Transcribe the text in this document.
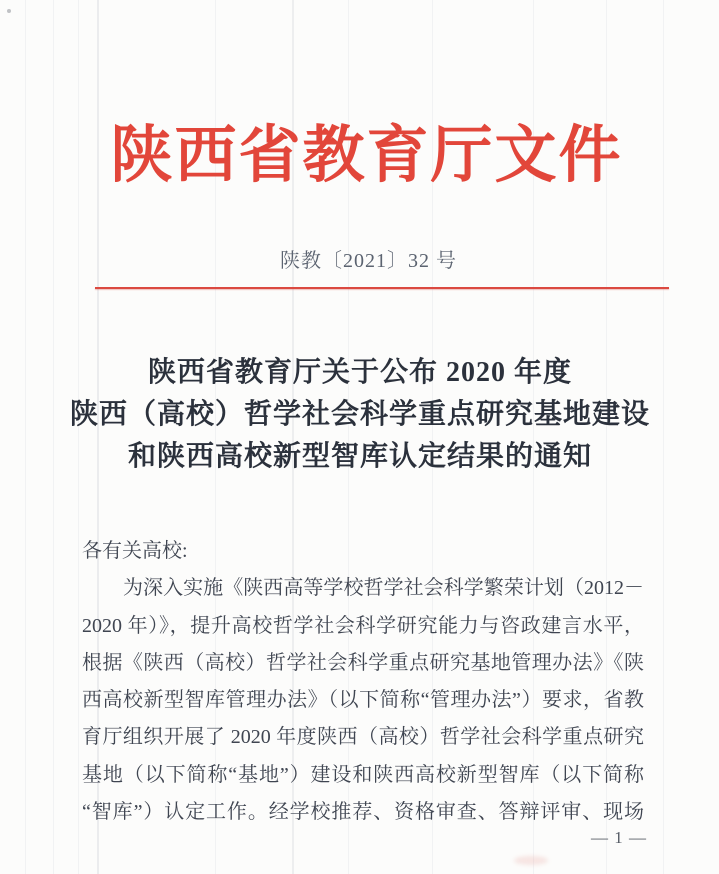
陕西省教育厅文件
陕教〔2021〕32 号
陕西省教育厅关于公布 2020 年度
陕西（高校）哲学社会科学重点研究基地建设
和陕西高校新型智库认定结果的通知
各有关高校:
为深入实施《陕西高等学校哲学社会科学繁荣计划（2012－
2020 年）》，提升高校哲学社会科学研究能力与咨政建言水平，
根据《陕西（高校）哲学社会科学重点研究基地管理办法》《陕
西高校新型智库管理办法》（以下简称“管理办法”）要求，省教
育厅组织开展了 2020 年度陕西（高校）哲学社会科学重点研究
基地（以下简称“基地”）建设和陕西高校新型智库（以下简称
“智库”）认定工作。经学校推荐、资格审查、答辩评审、现场
— 1 —
